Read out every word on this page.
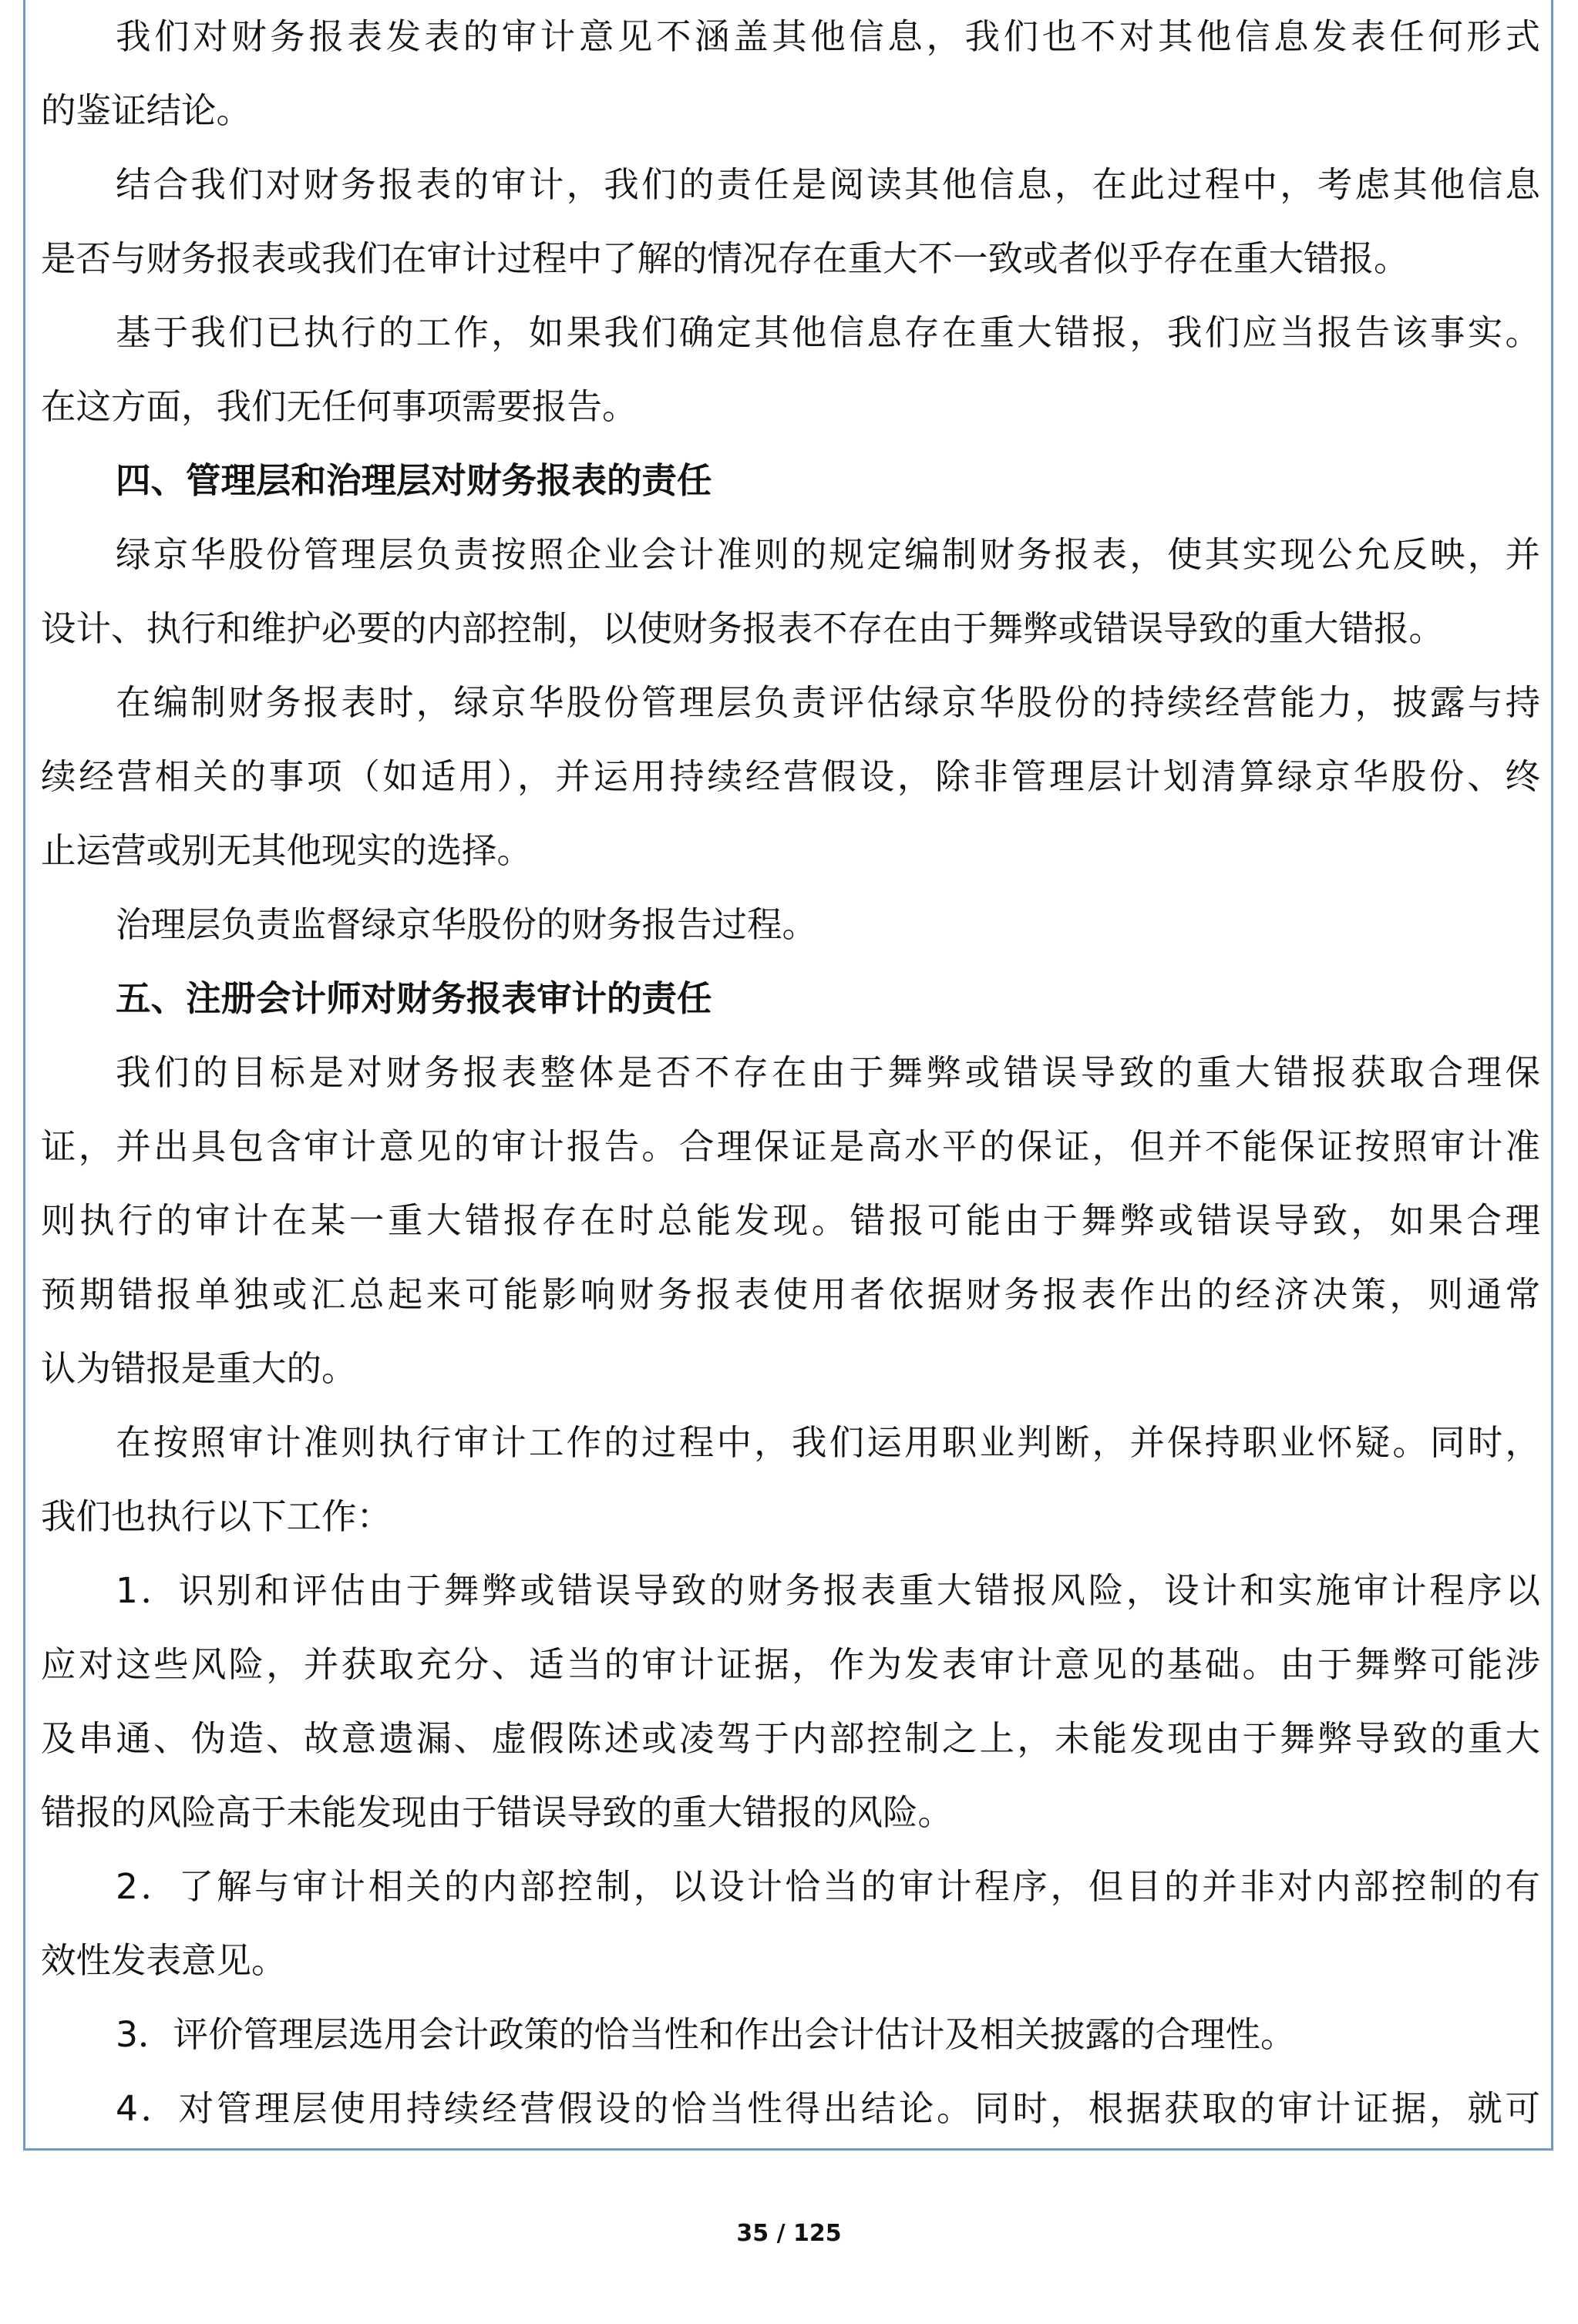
我们对财务报表发表的审计意见不涵盖其他信息，我们也不对其他信息发表任何形式
的鉴证结论。
结合我们对财务报表的审计，我们的责任是阅读其他信息，在此过程中，考虑其他信息
是否与财务报表或我们在审计过程中了解的情况存在重大不一致或者似乎存在重大错报。
基于我们已执行的工作，如果我们确定其他信息存在重大错报，我们应当报告该事实。
在这方面，我们无任何事项需要报告。
四、管理层和治理层对财务报表的责任
绿京华股份管理层负责按照企业会计准则的规定编制财务报表，使其实现公允反映，并
设计、执行和维护必要的内部控制，以使财务报表不存在由于舞弊或错误导致的重大错报。
在编制财务报表时，绿京华股份管理层负责评估绿京华股份的持续经营能力，披露与持
续经营相关的事项（如适用），并运用持续经营假设，除非管理层计划清算绿京华股份、终
止运营或别无其他现实的选择。
治理层负责监督绿京华股份的财务报告过程。
五、注册会计师对财务报表审计的责任
我们的目标是对财务报表整体是否不存在由于舞弊或错误导致的重大错报获取合理保
证，并出具包含审计意见的审计报告。合理保证是高水平的保证，但并不能保证按照审计准
则执行的审计在某一重大错报存在时总能发现。错报可能由于舞弊或错误导致，如果合理
预期错报单独或汇总起来可能影响财务报表使用者依据财务报表作出的经济决策，则通常
认为错报是重大的。
在按照审计准则执行审计工作的过程中，我们运用职业判断，并保持职业怀疑。同时，
我们也执行以下工作：
1．识别和评估由于舞弊或错误导致的财务报表重大错报风险，设计和实施审计程序以
应对这些风险，并获取充分、适当的审计证据，作为发表审计意见的基础。由于舞弊可能涉
及串通、伪造、故意遗漏、虚假陈述或凌驾于内部控制之上，未能发现由于舞弊导致的重大
错报的风险高于未能发现由于错误导致的重大错报的风险。
2．了解与审计相关的内部控制，以设计恰当的审计程序，但目的并非对内部控制的有
效性发表意见。
3．评价管理层选用会计政策的恰当性和作出会计估计及相关披露的合理性。
4．对管理层使用持续经营假设的恰当性得出结论。同时，根据获取的审计证据，就可
35 / 125
